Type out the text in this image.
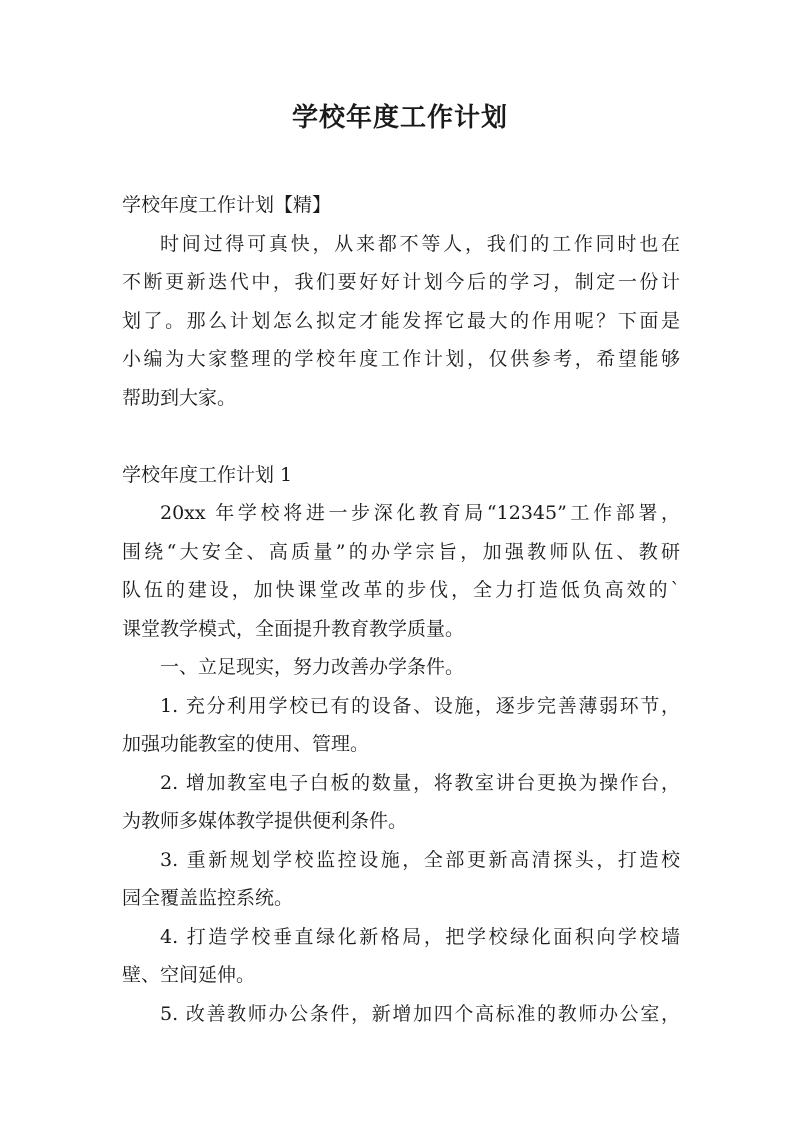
学校年度工作计划
学校年度工作计划【精】
时间过得可真快，从来都不等人，我们的工作同时也在
不断更新迭代中，我们要好好计划今后的学习，制定一份计
划了。那么计划怎么拟定才能发挥它最大的作用呢？下面是
小编为大家整理的学校年度工作计划，仅供参考，希望能够
帮助到大家。
学校年度工作计划 1
20xx 年学校将进一步深化教育局“12345”工作部署，
围绕“大安全、高质量”的办学宗旨，加强教师队伍、教研
队伍的建设，加快课堂改革的步伐，全力打造低负高效的`
课堂教学模式，全面提升教育教学质量。
一、立足现实，努力改善办学条件。
1. 充分利用学校已有的设备、设施，逐步完善薄弱环节，
加强功能教室的使用、管理。
2. 增加教室电子白板的数量，将教室讲台更换为操作台，
为教师多媒体教学提供便利条件。
3. 重新规划学校监控设施，全部更新高清探头，打造校
园全覆盖监控系统。
4. 打造学校垂直绿化新格局，把学校绿化面积向学校墙
壁、空间延伸。
5. 改善教师办公条件，新增加四个高标准的教师办公室，
